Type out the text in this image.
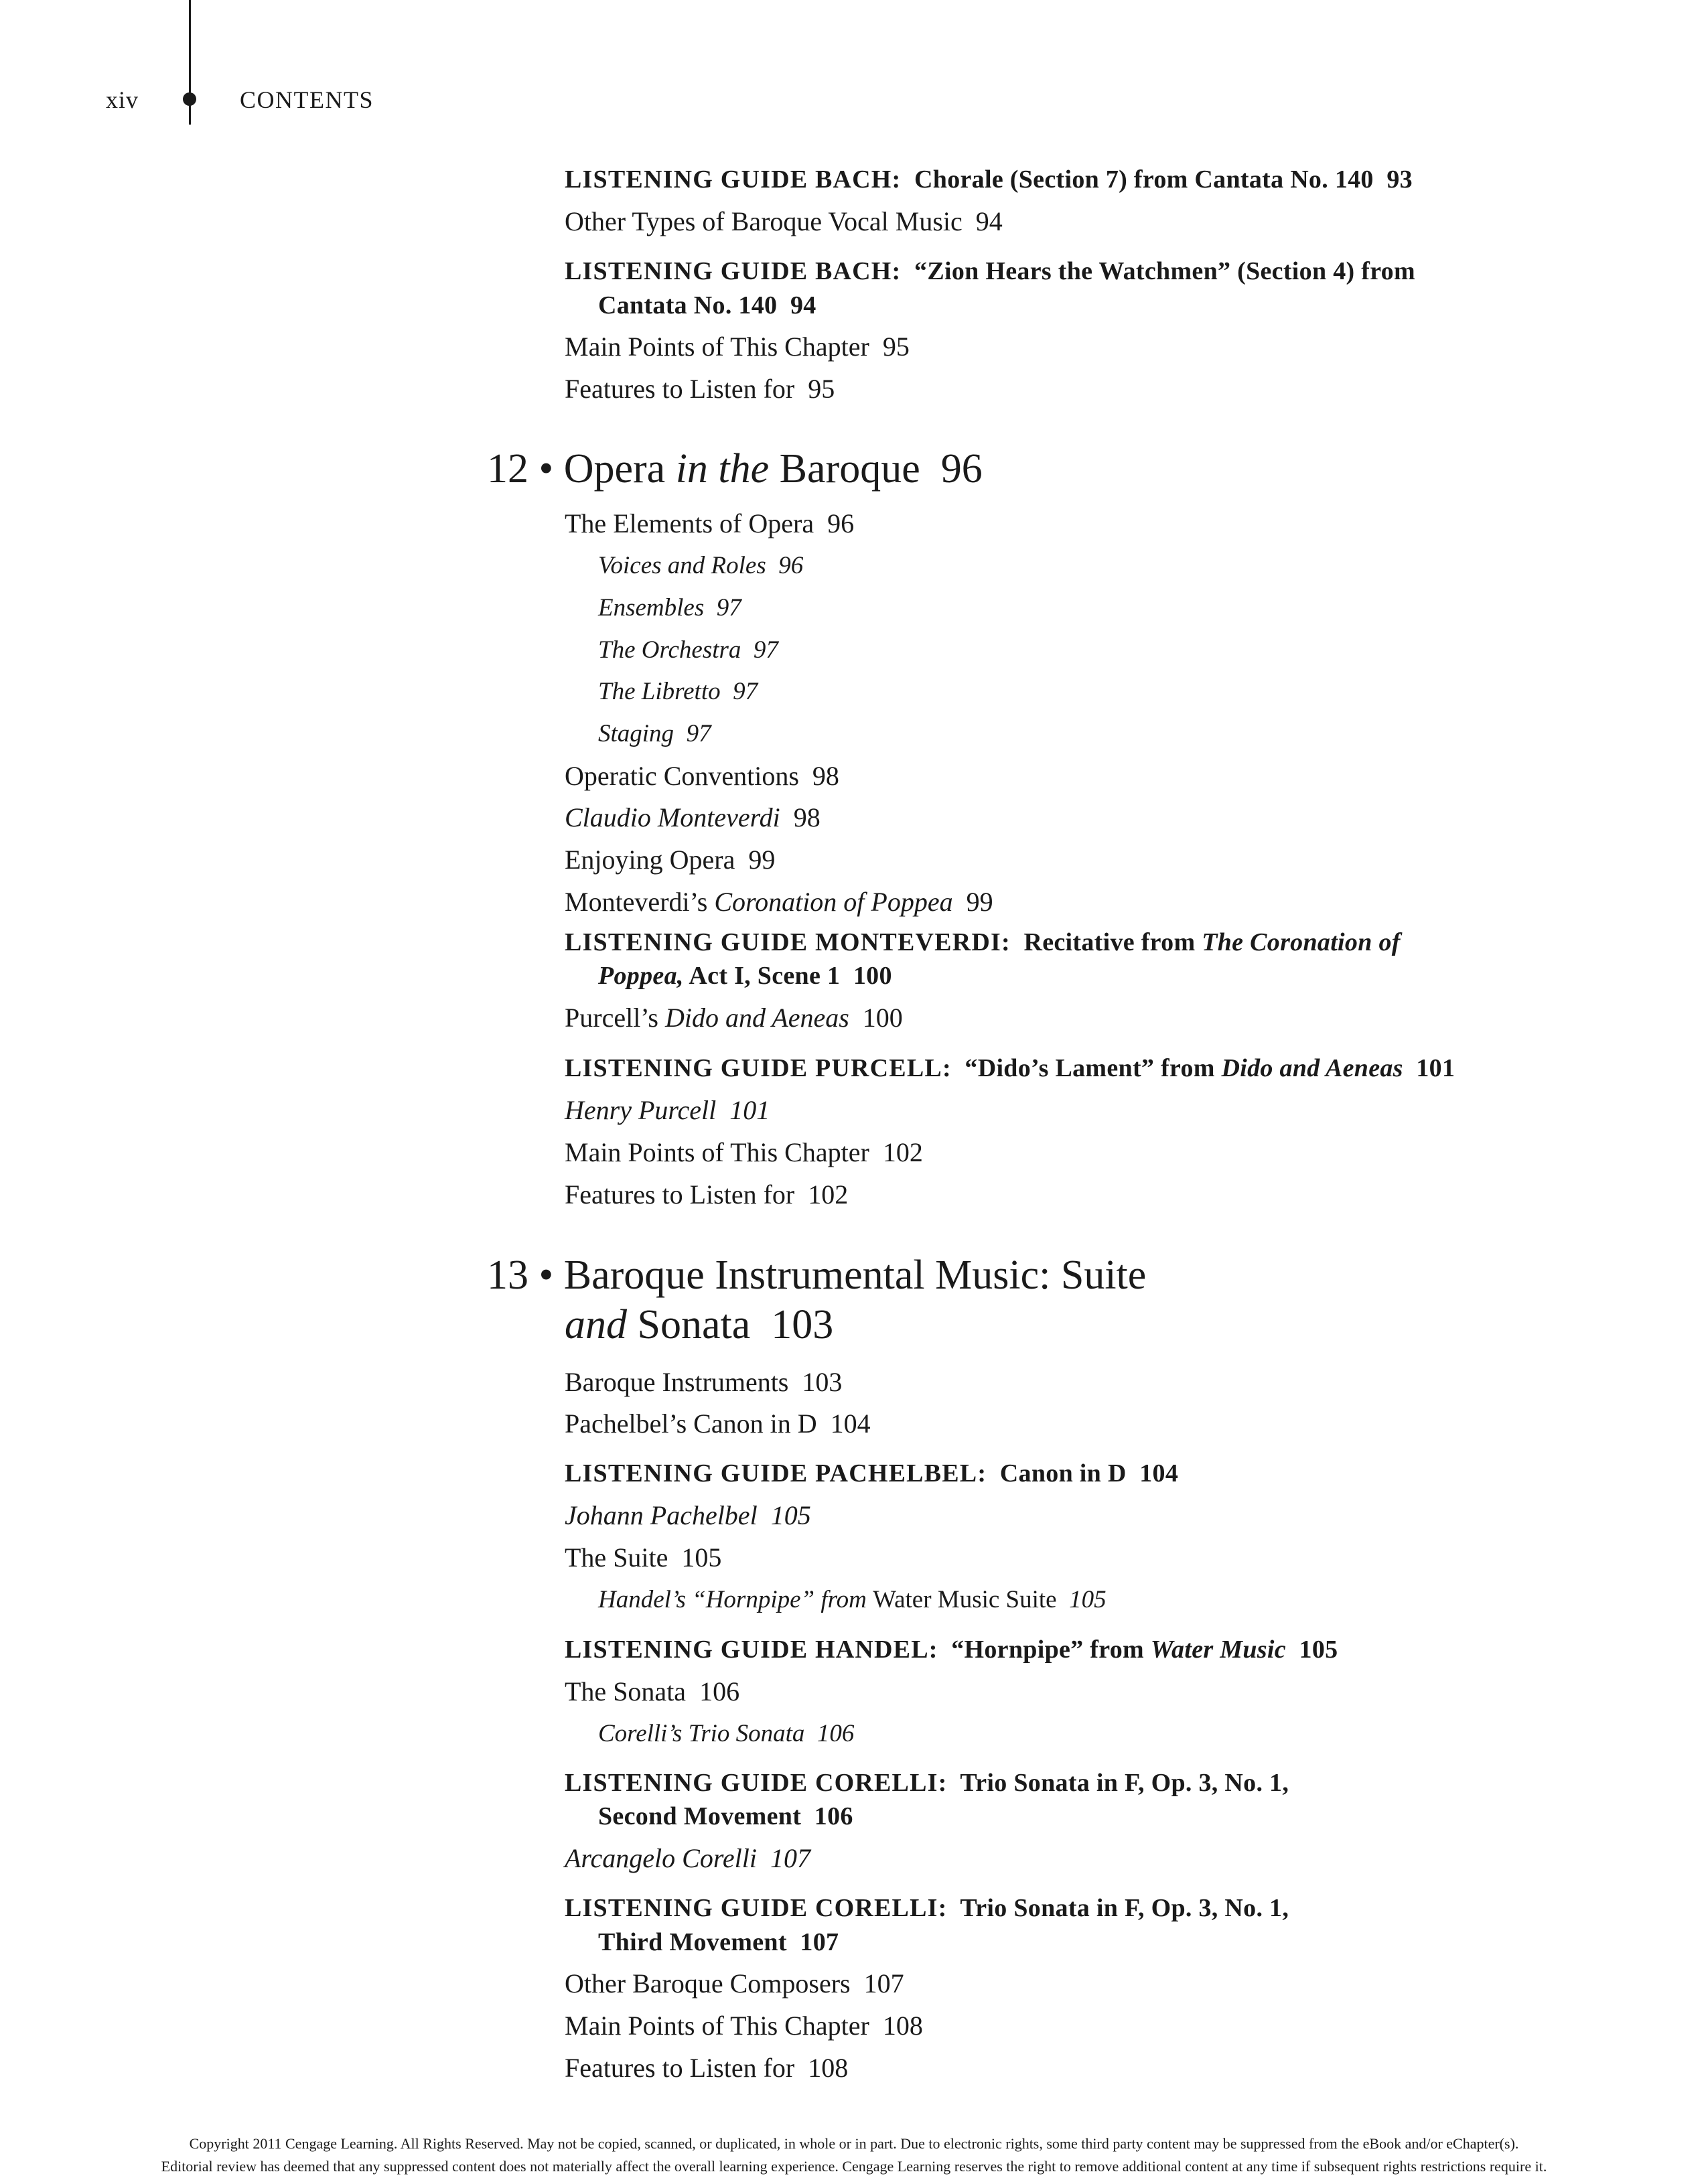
xiv	CONTENTS
LISTENING GUIDE BACH: Chorale (Section 7) from Cantata No. 140 93
Other Types of Baroque Vocal Music 94
LISTENING GUIDE BACH: “Zion Hears the Watchmen” (Section 4) from
Cantata No. 140 94
Main Points of This Chapter 95
Features to Listen for 95
12 • Opera in the Baroque 96
The Elements of Opera 96
Voices and Roles 96
Ensembles 97
The Orchestra 97
The Libretto 97
Staging 97
Operatic Conventions 98
Claudio Monteverdi 98
Enjoying Opera 99
Monteverdi’s Coronation of Poppea 99
LISTENING GUIDE MONTEVERDI: Recitative from The Coronation of
Poppea, Act I, Scene 1 100
Purcell’s Dido and Aeneas 100
LISTENING GUIDE PURCELL: “Dido’s Lament” from Dido and Aeneas 101
Henry Purcell 101
Main Points of This Chapter 102
Features to Listen for 102
13 • Baroque Instrumental Music: Suite
and Sonata 103
Baroque Instruments 103
Pachelbel’s Canon in D 104
LISTENING GUIDE PACHELBEL: Canon in D 104
Johann Pachelbel 105
The Suite 105
Handel’s “Hornpipe” from Water Music Suite 105
LISTENING GUIDE HANDEL: “Hornpipe” from Water Music 105
The Sonata 106
Corelli’s Trio Sonata 106
LISTENING GUIDE CORELLI: Trio Sonata in F, Op. 3, No. 1,
Second Movement 106
Arcangelo Corelli 107
LISTENING GUIDE CORELLI: Trio Sonata in F, Op. 3, No. 1,
Third Movement 107
Other Baroque Composers 107
Main Points of This Chapter 108
Features to Listen for 108
Copyright 2011 Cengage Learning. All Rights Reserved. May not be copied, scanned, or duplicated, in whole or in part. Due to electronic rights, some third party content may be suppressed from the eBook and/or eChapter(s).
Editorial review has deemed that any suppressed content does not materially affect the overall learning experience. Cengage Learning reserves the right to remove additional content at any time if subsequent rights restrictions require it.
